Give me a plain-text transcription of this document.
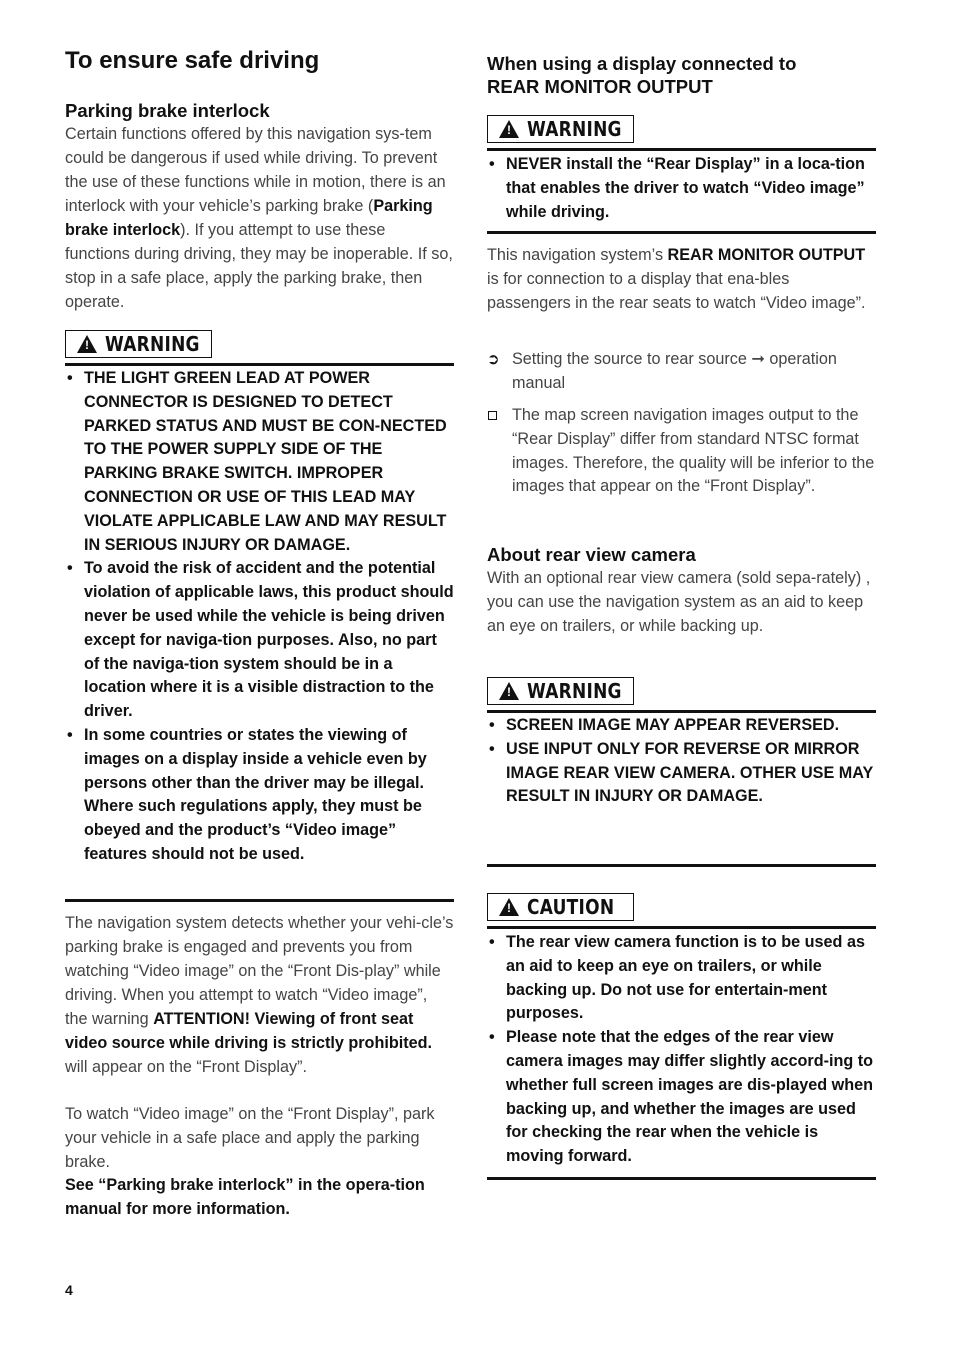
To ensure safe driving
Parking brake interlock

Certain functions offered by this navigation sys-tem could be dangerous if used while driving. To prevent the use of these functions while in motion, there is an interlock with your vehicle’s parking brake (Parking brake interlock). If you attempt to use these functions during driving, they may be inoperable. If so, stop in a safe place, apply the parking brake, then operate.

! WARNING
• THE LIGHT GREEN LEAD AT POWER CONNECTOR IS DESIGNED TO DETECT PARKED STATUS AND MUST BE CON-NECTED TO THE POWER SUPPLY SIDE OF THE PARKING BRAKE SWITCH. IMPROPER CONNECTION OR USE OF THIS LEAD MAY VIOLATE APPLICABLE LAW AND MAY RESULT IN SERIOUS INJURY OR DAMAGE.
• To avoid the risk of accident and the potential violation of applicable laws, this product should never be used while the vehicle is being driven except for naviga-tion purposes. Also, no part of the naviga-tion system should be in a location where it is a visible distraction to the driver.
• In some countries or states the viewing of images on a display inside a vehicle even by persons other than the driver may be illegal. Where such regulations apply, they must be obeyed and the product’s “Video image” features should not be used.

The navigation system detects whether your vehi-cle’s parking brake is engaged and prevents you from watching “Video image” on the “Front Dis-play” while driving. When you attempt to watch “Video image”, the warning ATTENTION! Viewing of front seat video source while driving is strictly prohibited. will appear on the “Front Display”.

To watch “Video image” on the “Front Display”, park your vehicle in a safe place and apply the parking brake.

See “Parking brake interlock” in the opera-tion manual for more information.

When using a display connected to
REAR MONITOR OUTPUT
! WARNING
• NEVER install the “Rear Display” in a loca-tion that enables the driver to watch “Video image” while driving.

This navigation system’s REAR MONITOR OUTPUT is for connection to a display that ena-bles passengers in the rear seats to watch “Video image”.

➲ Setting the source to rear source ➞ operation manual
The map screen navigation images output to the “Rear Display” differ from standard NTSC format images. Therefore, the quality will be inferior to the images that appear on the “Front Display”.
About rear view camera

With an optional rear view camera (sold sepa-rately) , you can use the navigation system as an aid to keep an eye on trailers, or while backing up.

! WARNING
• SCREEN IMAGE MAY APPEAR REVERSED.
• USE INPUT ONLY FOR REVERSE OR MIRROR IMAGE REAR VIEW CAMERA. OTHER USE MAY RESULT IN INJURY OR DAMAGE.
! CAUTION
• The rear view camera function is to be used as an aid to keep an eye on trailers, or while backing up. Do not use for entertain-ment purposes.
• Please note that the edges of the rear view camera images may differ slightly accord-ing to whether full screen images are dis-played when backing up, and whether the images are used for checking the rear when the vehicle is moving forward.
4
